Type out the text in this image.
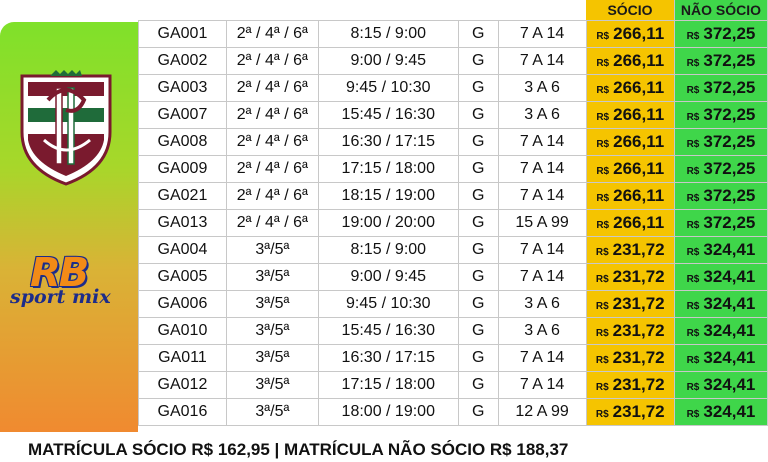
RB
sport mix
					SÓCIO	NÃO SÓCIO
GA001	2ª / 4ª / 6ª	8:15 / 9:00	G	7 A 14	R$ 266,11	R$ 372,25
GA002	2ª / 4ª / 6ª	9:00 / 9:45	G	7 A 14	R$ 266,11	R$ 372,25
GA003	2ª / 4ª / 6ª	9:45 / 10:30	G	3 A 6	R$ 266,11	R$ 372,25
GA007	2ª / 4ª / 6ª	15:45 / 16:30	G	3 A 6	R$ 266,11	R$ 372,25
GA008	2ª / 4ª / 6ª	16:30 / 17:15	G	7 A 14	R$ 266,11	R$ 372,25
GA009	2ª / 4ª / 6ª	17:15 / 18:00	G	7 A 14	R$ 266,11	R$ 372,25
GA021	2ª / 4ª / 6ª	18:15 / 19:00	G	7 A 14	R$ 266,11	R$ 372,25
GA013	2ª / 4ª / 6ª	19:00 / 20:00	G	15 A 99	R$ 266,11	R$ 372,25
GA004	3ª/5ª	8:15 / 9:00	G	7 A 14	R$ 231,72	R$ 324,41
GA005	3ª/5ª	9:00 / 9:45	G	7 A 14	R$ 231,72	R$ 324,41
GA006	3ª/5ª	9:45 / 10:30	G	3 A 6	R$ 231,72	R$ 324,41
GA010	3ª/5ª	15:45 / 16:30	G	3 A 6	R$ 231,72	R$ 324,41
GA011	3ª/5ª	16:30 / 17:15	G	7 A 14	R$ 231,72	R$ 324,41
GA012	3ª/5ª	17:15 / 18:00	G	7 A 14	R$ 231,72	R$ 324,41
GA016	3ª/5ª	18:00 / 19:00	G	12 A 99	R$ 231,72	R$ 324,41
MATRÍCULA SÓCIO R$ 162,95 | MATRÍCULA NÃO SÓCIO R$ 188,37
